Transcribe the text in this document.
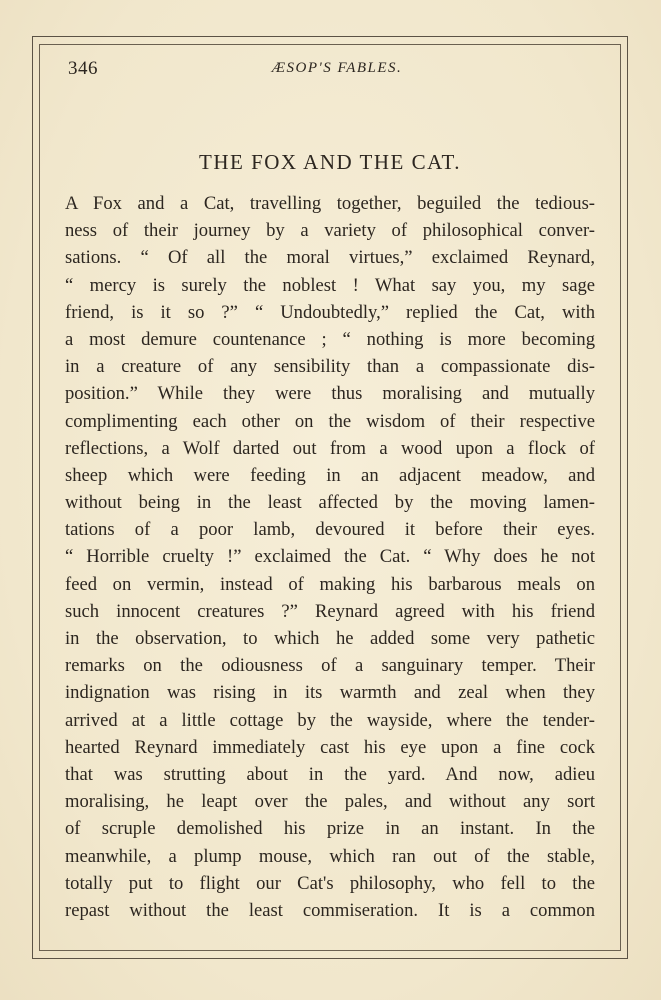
346	ÆSOP'S FABLES.
THE FOX AND THE CAT.
A Fox and a Cat, travelling together, beguiled the tedious-
ness of their journey by a variety of philosophical conver-
sations. “ Of all the moral virtues,” exclaimed Reynard,
“ mercy is surely the noblest ! What say you, my sage
friend, is it so ?” “ Undoubtedly,” replied the Cat, with
a most demure countenance ; “ nothing is more becoming
in a creature of any sensibility than a compassionate dis-
position.” While they were thus moralising and mutually
complimenting each other on the wisdom of their respective
reflections, a Wolf darted out from a wood upon a flock of
sheep which were feeding in an adjacent meadow, and
without being in the least affected by the moving lamen-
tations of a poor lamb, devoured it before their eyes.
“ Horrible cruelty !” exclaimed the Cat. “ Why does he not
feed on vermin, instead of making his barbarous meals on
such innocent creatures ?” Reynard agreed with his friend
in the observation, to which he added some very pathetic
remarks on the odiousness of a sanguinary temper. Their
indignation was rising in its warmth and zeal when they
arrived at a little cottage by the wayside, where the tender-
hearted Reynard immediately cast his eye upon a fine cock
that was strutting about in the yard. And now, adieu
moralising, he leapt over the pales, and without any sort
of scruple demolished his prize in an instant. In the
meanwhile, a plump mouse, which ran out of the stable,
totally put to flight our Cat's philosophy, who fell to the
repast without the least commiseration. It is a common
